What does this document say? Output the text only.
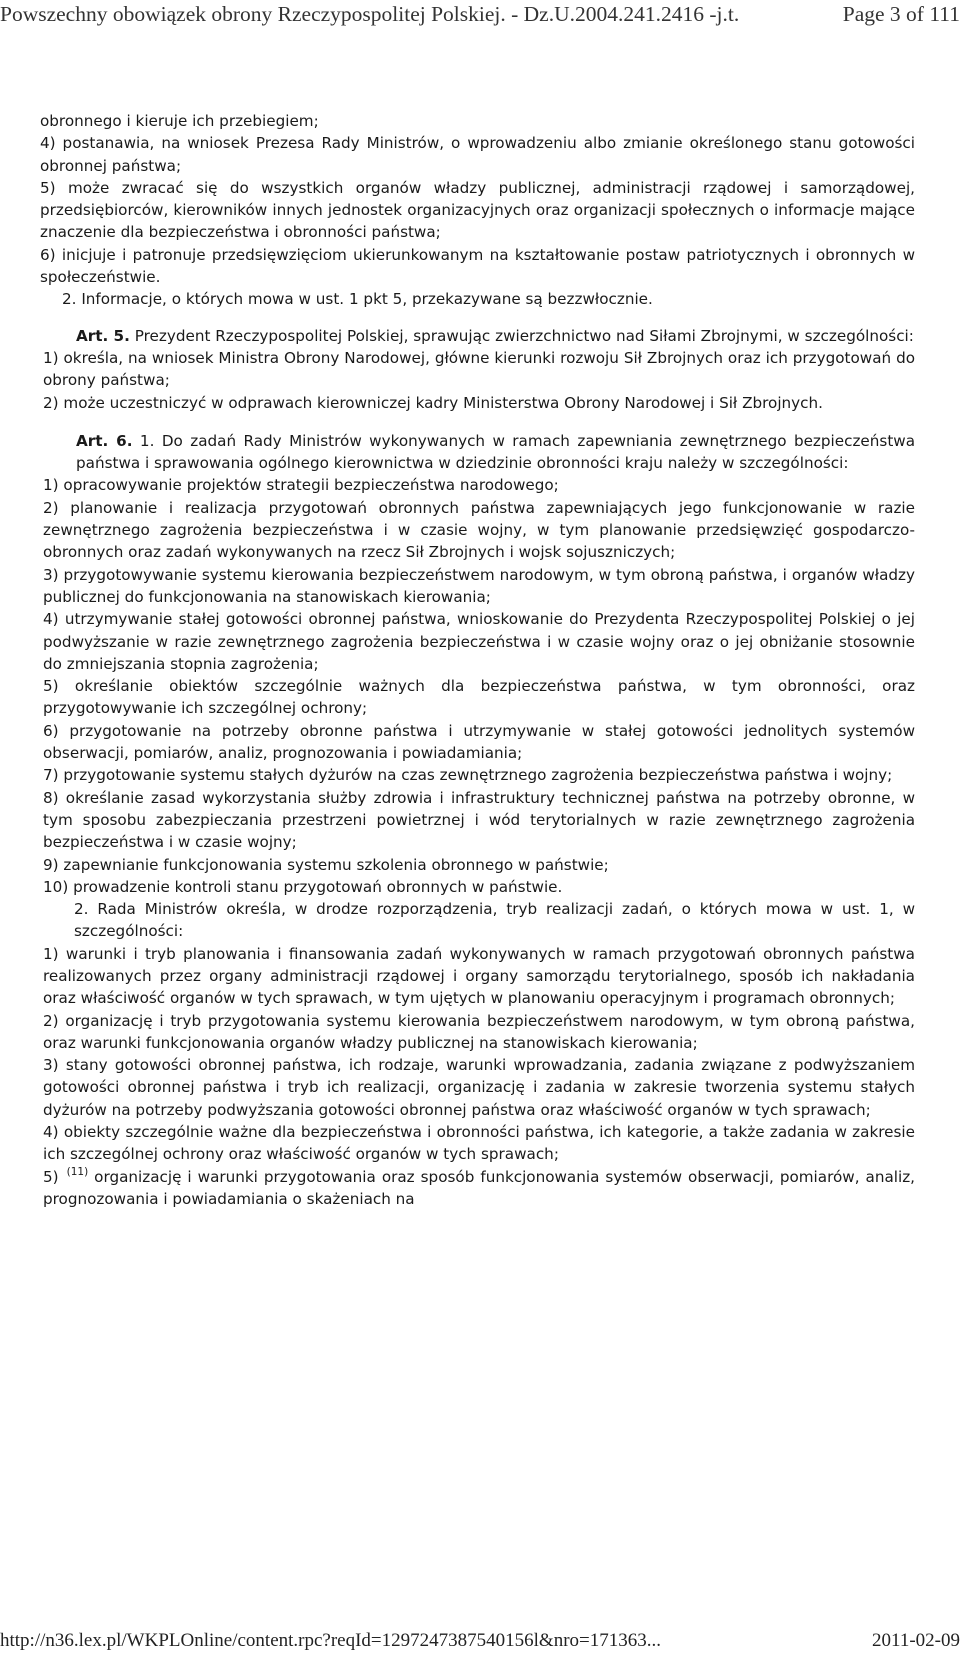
Powszechny obowiązek obrony Rzeczypospolitej Polskiej. - Dz.U.2004.241.2416 -j.t.	Page 3 of 111

obronnego i kieruje ich przebiegiem;

4) postanawia, na wniosek Prezesa Rady Ministrów, o wprowadzeniu albo zmianie określonego stanu gotowości obronnej państwa;

5) może zwracać się do wszystkich organów władzy publicznej, administracji rządowej i samorządowej, przedsiębiorców, kierowników innych jednostek organizacyjnych oraz organizacji społecznych o informacje mające znaczenie dla bezpieczeństwa i obronności państwa;

6) inicjuje i patronuje przedsięwzięciom ukierunkowanym na kształtowanie postaw patriotycznych i obronnych w społeczeństwie.

2. Informacje, o których mowa w ust. 1 pkt 5, przekazywane są bezzwłocznie.

Art. 5. Prezydent Rzeczypospolitej Polskiej, sprawując zwierzchnictwo nad Siłami Zbrojnymi, w szczególności:

1) określa, na wniosek Ministra Obrony Narodowej, główne kierunki rozwoju Sił Zbrojnych oraz ich przygotowań do obrony państwa;

2) może uczestniczyć w odprawach kierowniczej kadry Ministerstwa Obrony Narodowej i Sił Zbrojnych.

Art. 6. 1. Do zadań Rady Ministrów wykonywanych w ramach zapewniania zewnętrznego bezpieczeństwa państwa i sprawowania ogólnego kierownictwa w dziedzinie obronności kraju należy w szczególności:

1) opracowywanie projektów strategii bezpieczeństwa narodowego;

2) planowanie i realizacja przygotowań obronnych państwa zapewniających jego funkcjonowanie w razie zewnętrznego zagrożenia bezpieczeństwa i w czasie wojny, w tym planowanie przedsięwzięć gospodarczo-obronnych oraz zadań wykonywanych na rzecz Sił Zbrojnych i wojsk sojuszniczych;

3) przygotowywanie systemu kierowania bezpieczeństwem narodowym, w tym obroną państwa, i organów władzy publicznej do funkcjonowania na stanowiskach kierowania;

4) utrzymywanie stałej gotowości obronnej państwa, wnioskowanie do Prezydenta Rzeczypospolitej Polskiej o jej podwyższanie w razie zewnętrznego zagrożenia bezpieczeństwa i w czasie wojny oraz o jej obniżanie stosownie do zmniejszania stopnia zagrożenia;

5) określanie obiektów szczególnie ważnych dla bezpieczeństwa państwa, w tym obronności, oraz przygotowywanie ich szczególnej ochrony;

6) przygotowanie na potrzeby obronne państwa i utrzymywanie w stałej gotowości jednolitych systemów obserwacji, pomiarów, analiz, prognozowania i powiadamiania;

7) przygotowanie systemu stałych dyżurów na czas zewnętrznego zagrożenia bezpieczeństwa państwa i wojny;

8) określanie zasad wykorzystania służby zdrowia i infrastruktury technicznej państwa na potrzeby obronne, w tym sposobu zabezpieczania przestrzeni powietrznej i wód terytorialnych w razie zewnętrznego zagrożenia bezpieczeństwa i w czasie wojny;

9) zapewnianie funkcjonowania systemu szkolenia obronnego w państwie;

10) prowadzenie kontroli stanu przygotowań obronnych w państwie.

2. Rada Ministrów określa, w drodze rozporządzenia, tryb realizacji zadań, o których mowa w ust. 1, w szczególności:

1) warunki i tryb planowania i finansowania zadań wykonywanych w ramach przygotowań obronnych państwa realizowanych przez organy administracji rządowej i organy samorządu terytorialnego, sposób ich nakładania oraz właściwość organów w tych sprawach, w tym ujętych w planowaniu operacyjnym i programach obronnych;

2) organizację i tryb przygotowania systemu kierowania bezpieczeństwem narodowym, w tym obroną państwa, oraz warunki funkcjonowania organów władzy publicznej na stanowiskach kierowania;

3) stany gotowości obronnej państwa, ich rodzaje, warunki wprowadzania, zadania związane z podwyższaniem gotowości obronnej państwa i tryb ich realizacji, organizację i zadania w zakresie tworzenia systemu stałych dyżurów na potrzeby podwyższania gotowości obronnej państwa oraz właściwość organów w tych sprawach;

4) obiekty szczególnie ważne dla bezpieczeństwa i obronności państwa, ich kategorie, a także zadania w zakresie ich szczególnej ochrony oraz właściwość organów w tych sprawach;

5) $^{(11)}$ organizację i warunki przygotowania oraz sposób funkcjonowania systemów obserwacji, pomiarów, analiz, prognozowania i powiadamiania o skażeniach na

http://n36.lex.pl/WKPLOnline/content.rpc?reqId=1297247387540156l&nro=171363...	2011-02-09
